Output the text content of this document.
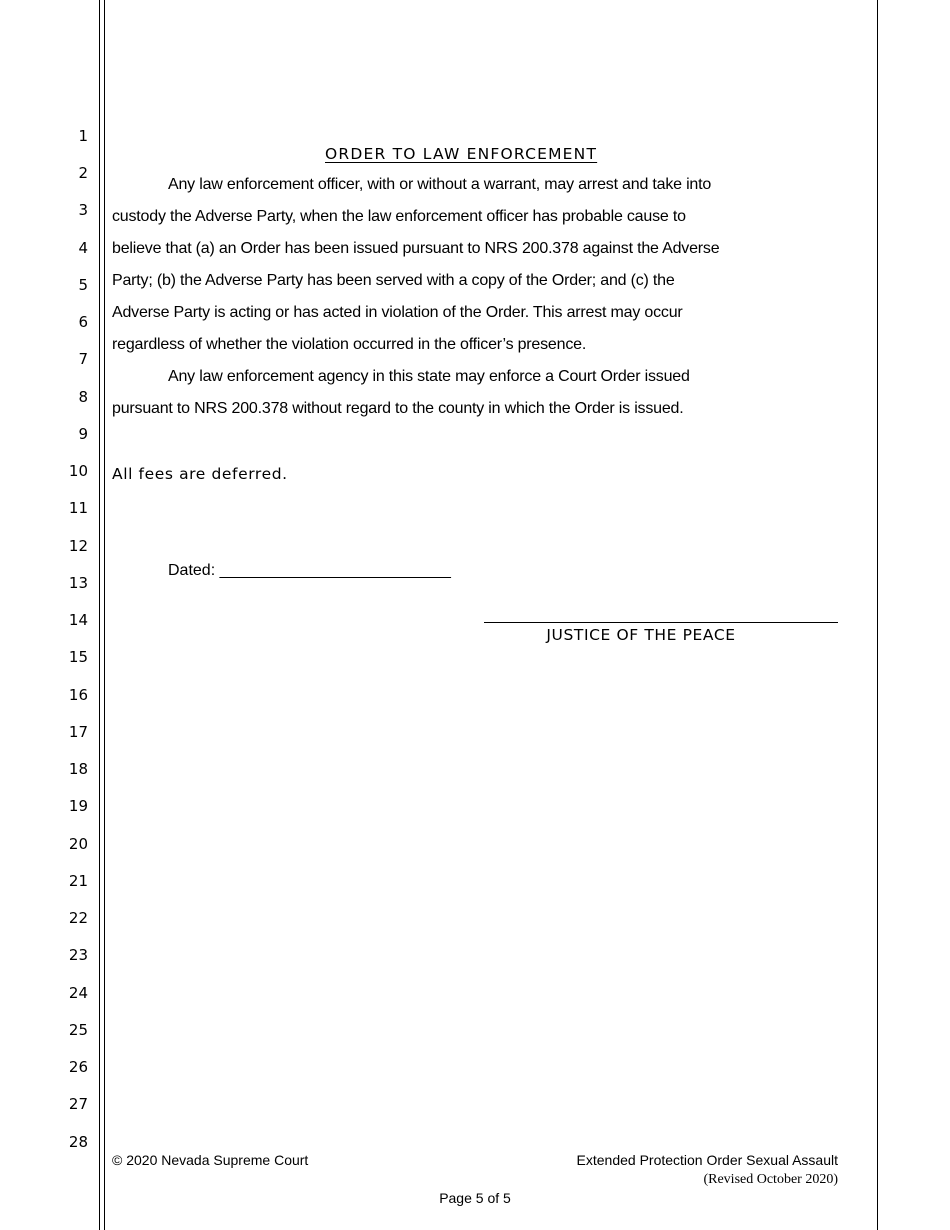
1
2
3
4
5
6
7
8
9
10
11
12
13
14
15
16
17
18
19
20
21
22
23
24
25
26
27
28
ORDER TO LAW ENFORCEMENT
Any law enforcement officer, with or without a warrant, may arrest and take into
custody the Adverse Party, when the law enforcement officer has probable cause to
believe that (a) an Order has been issued pursuant to NRS 200.378 against the Adverse
Party; (b) the Adverse Party has been served with a copy of the Order; and (c) the
Adverse Party is acting or has acted in violation of the Order. This arrest may occur
regardless of whether the violation occurred in the officer’s presence.
Any law enforcement agency in this state may enforce a Court Order issued
pursuant to NRS 200.378 without regard to the county in which the Order is issued.
All fees are deferred.
Dated: __________________________
JUSTICE OF THE PEACE
© 2020 Nevada Supreme Court	Extended Protection Order Sexual Assault
(Revised October 2020)
Page 5 of 5
